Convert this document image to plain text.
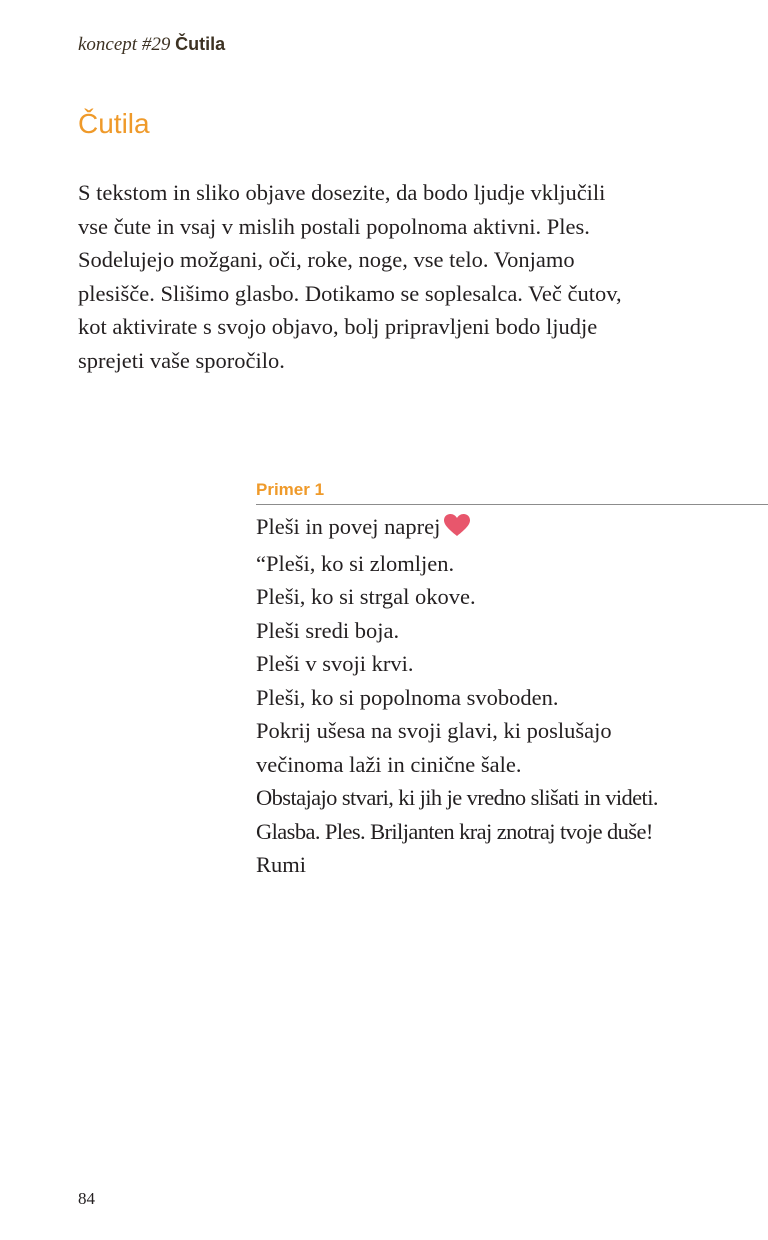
koncept #29 Čutila
Čutila

S tekstom in sliko objave dosezite, da bodo ljudje vključili
vse čute in vsaj v mislih postali popolnoma aktivni. Ples.
Sodelujejo možgani, oči, roke, noge, vse telo. Vonjamo
plesišče. Slišimo glasbo. Dotikamo se soplesalca. Več čutov,
kot aktivirate s svojo objavo, bolj pripravljeni bodo ljudje
sprejeti vaše sporočilo.

Primer 1
Pleši in povej naprej
“Pleši, ko si zlomljen.
Pleši, ko si strgal okove.
Pleši sredi boja.
Pleši v svoji krvi.
Pleši, ko si popolnoma svoboden.
Pokrij ušesa na svoji glavi, ki poslušajo
večinoma laži in cinične šale.
Obstajajo stvari, ki jih je vredno slišati in videti.
Glasba. Ples. Briljanten kraj znotraj tvoje duše!
Rumi
84
